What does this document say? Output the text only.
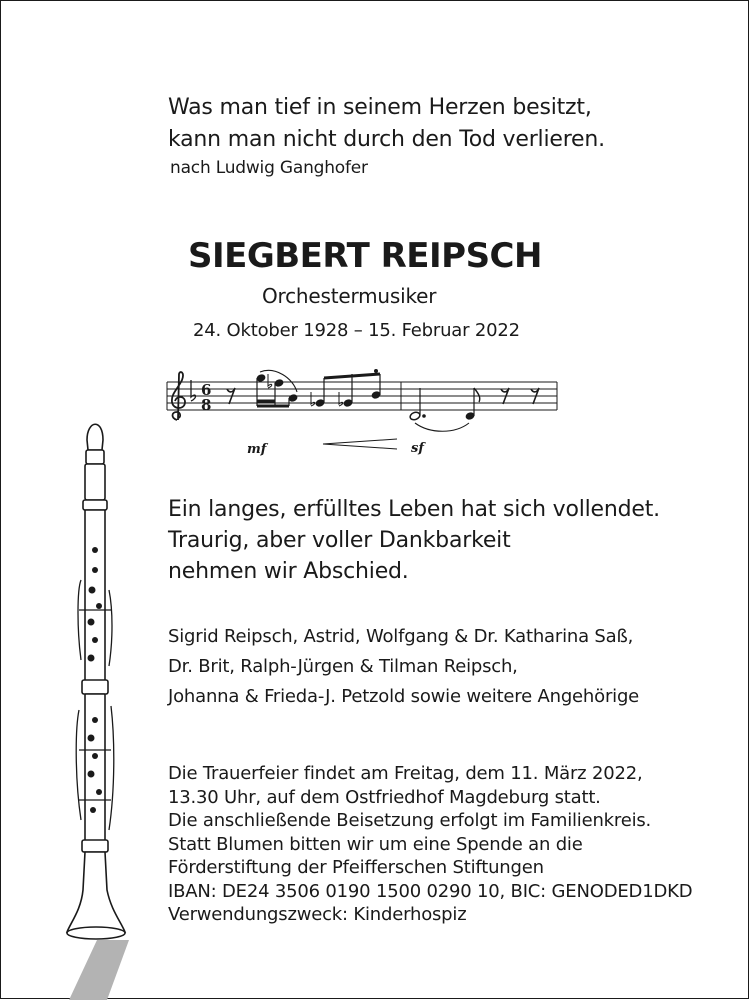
Was man tief in seinem Herzen besitzt,
kann man nicht durch den Tod verlieren.
nach Ludwig Ganghofer
SIEGBERT REIPSCH
Orchestermusiker
24. Oktober 1928 – 15. Februar 2022
6
8
mf	sf
Ein langes, erfülltes Leben hat sich vollendet.
Traurig, aber voller Dankbarkeit
nehmen wir Abschied.
Sigrid Reipsch, Astrid, Wolfgang & Dr. Katharina Saß,
Dr. Brit, Ralph-Jürgen & Tilman Reipsch,
Johanna & Frieda-J. Petzold sowie weitere Angehörige
Die Trauerfeier findet am Freitag, dem 11. März 2022,
13.30 Uhr, auf dem Ostfriedhof Magdeburg statt.
Die anschließende Beisetzung erfolgt im Familienkreis.
Statt Blumen bitten wir um eine Spende an die
Förderstiftung der Pfeifferschen Stiftungen
IBAN: DE24 3506 0190 1500 0290 10, BIC: GENODED1DKD
Verwendungszweck: Kinderhospiz
